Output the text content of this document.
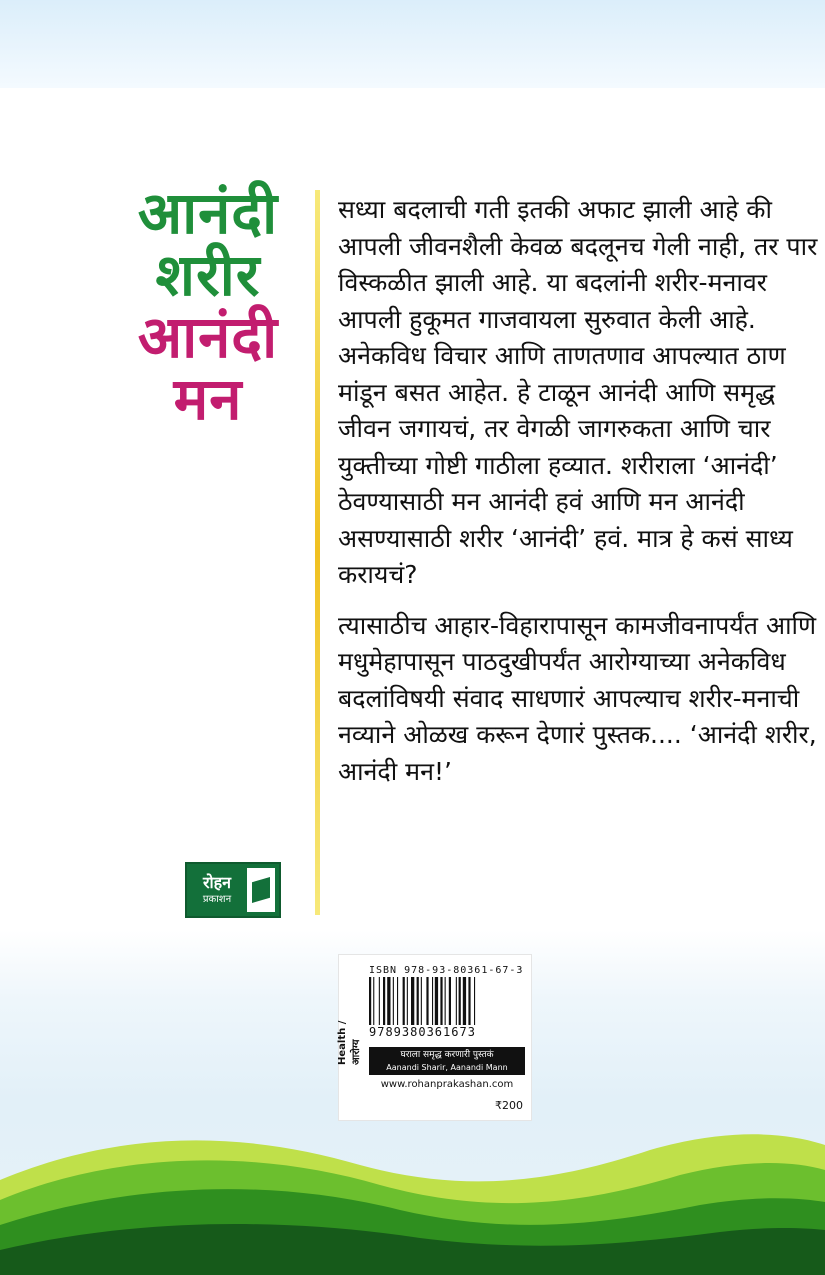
आनंदी शरीर
आनंदी मन

सध्या बदलाची गती इतकी अफाट झाली आहे की आपली जीवनशैली केवळ बदलूनच गेली नाही, तर पार विस्कळीत झाली आहे. या बदलांनी शरीर-मनावर आपली हुकूमत गाजवायला सुरुवात केली आहे. अनेकविध विचार आणि ताणतणाव आपल्यात ठाण मांडून बसत आहेत. हे टाळून आनंदी आणि समृद्ध जीवन जगायचं, तर वेगळी जागरुकता आणि चार युक्तीच्या गोष्टी गाठीला हव्यात. शरीराला ‘आनंदी’ ठेवण्यासाठी मन आनंदी हवं आणि मन आनंदी असण्यासाठी शरीर ‘आनंदी’ हवं. मात्र हे कसं साध्य करायचं?

त्यासाठीच आहार-विहारापासून कामजीवनापर्यंत आणि मधुमेहापासून पाठदुखीपर्यंत आरोग्याच्या अनेकविध बदलांविषयी संवाद साधणारं आपल्याच शरीर-मनाची नव्याने ओळख करून देणारं पुस्तक.... ‘आनंदी शरीर, आनंदी मन!’

रोहन
प्रकाशन
Health / आरोग्य
ISBN 978-93-80361-67-3
9789380361673
घराला समृद्ध करणारी पुस्तकं
Aanandi Sharir, Aanandi Mann
www.rohanprakashan.com
₹200
